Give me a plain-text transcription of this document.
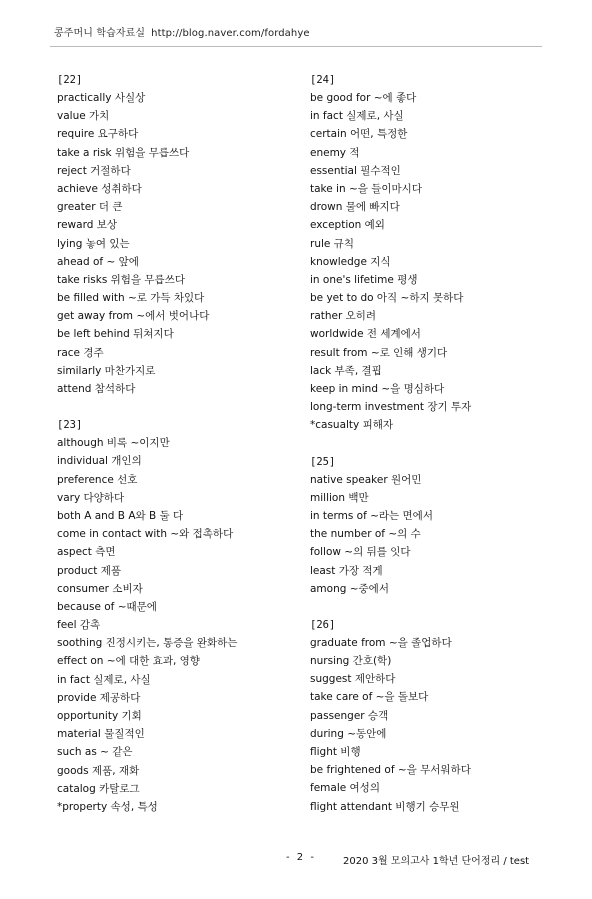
콩주머니 학습자료실 http://blog.naver.com/fordahye
[22]
practically 사실상
value 가치
require 요구하다
take a risk 위험을 무릅쓰다
reject 거절하다
achieve 성취하다
greater 더 큰
reward 보상
lying 놓여 있는
ahead of ~ 앞에
take risks 위험을 무릅쓰다
be filled with ~로 가득 차있다
get away from ~에서 벗어나다
be left behind 뒤쳐지다
race 경주
similarly 마찬가지로
attend 참석하다
[23]
although 비록 ~이지만
individual 개인의
preference 선호
vary 다양하다
both A and B A와 B 둘 다
come in contact with ~와 접촉하다
aspect 측면
product 제품
consumer 소비자
because of ~때문에
feel 감촉
soothing 진정시키는, 통증을 완화하는
effect on ~에 대한 효과, 영향
in fact 실제로, 사실
provide 제공하다
opportunity 기회
material 물질적인
such as ~ 같은
goods 제품, 재화
catalog 카탈로그
*property 속성, 특성
[24]
be good for ~에 좋다
in fact 실제로, 사실
certain 어떤, 특정한
enemy 적
essential 필수적인
take in ~을 들이마시다
drown 물에 빠지다
exception 예외
rule 규칙
knowledge 지식
in one's lifetime 평생
be yet to do 아직 ~하지 못하다
rather 오히려
worldwide 전 세계에서
result from ~로 인해 생기다
lack 부족, 결핍
keep in mind ~을 명심하다
long-term investment 장기 투자
*casualty 피해자
[25]
native speaker 원어민
million 백만
in terms of ~라는 면에서
the number of ~의 수
follow ~의 뒤를 잇다
least 가장 적게
among ~중에서
[26]
graduate from ~을 졸업하다
nursing 간호(학)
suggest 제안하다
take care of ~을 돌보다
passenger 승객
during ~동안에
flight 비행
be frightened of ~을 무서워하다
female 여성의
flight attendant 비행기 승무원
- 2 -	2020 3월 모의고사 1학년 단어정리 / test
